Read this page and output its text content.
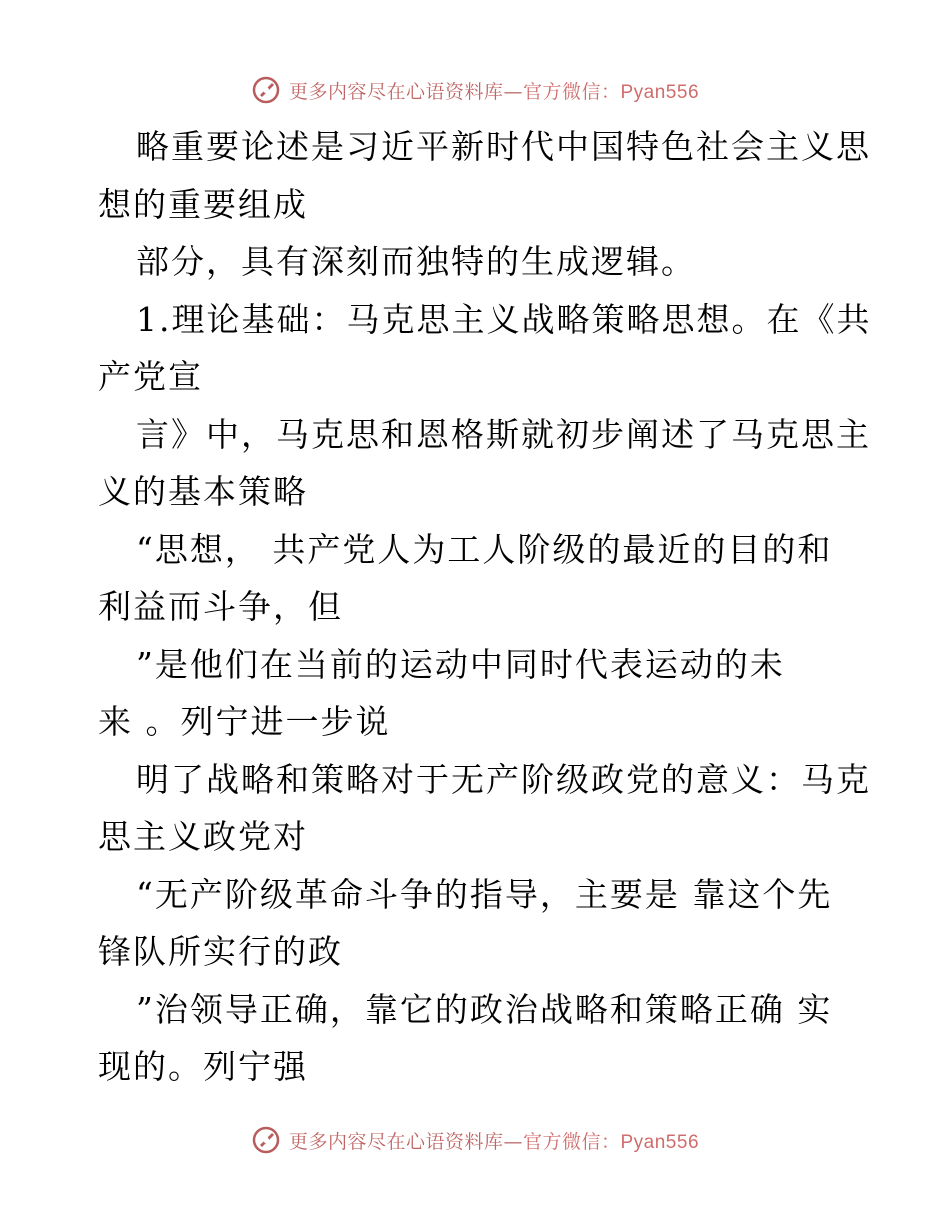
更多内容尽在心语资料库—官方微信：Pyan556
略重要论述是习近平新时代中国特色社会主义思
想的重要组成
部分，具有深刻而独特的生成逻辑。
1.理论基础：马克思主义战略策略思想。在《共
产党宣
言》中，马克思和恩格斯就初步阐述了马克思主
义的基本策略
“思想， 共产党人为工人阶级的最近的目的和
利益而斗争，但
”是他们在当前的运动中同时代表运动的未
来 。列宁进一步说
明了战略和策略对于无产阶级政党的意义：马克
思主义政党对
“无产阶级革命斗争的指导，主要是 靠这个先
锋队所实行的政
”治领导正确，靠它的政治战略和策略正确 实
现的。列宁强
更多内容尽在心语资料库—官方微信：Pyan556
